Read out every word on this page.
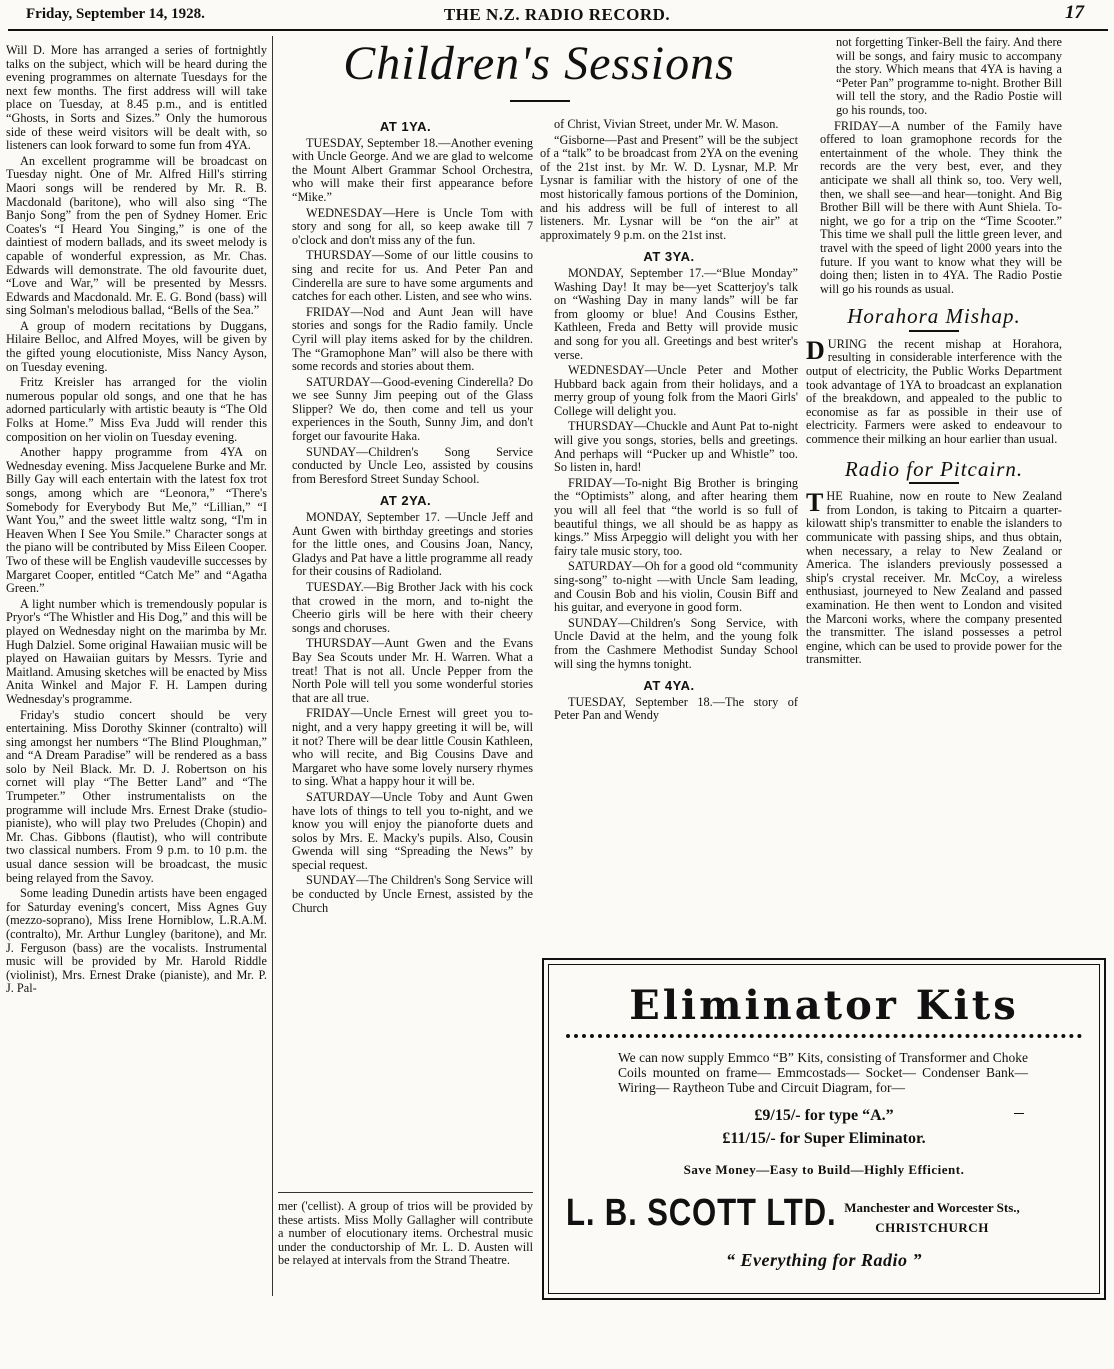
Friday, September 14, 1928.	THE N.Z. RADIO RECORD.	17

Will D. More has arranged a series of fortnightly talks on the subject, which will be heard during the evening programmes on alternate Tuesdays for the next few months. The first address will will take place on Tuesday, at 8.45 p.m., and is entitled “Ghosts, in Sorts and Sizes.” Only the humorous side of these weird visitors will be dealt with, so listeners can look forward to some fun from 4YA.

An excellent programme will be broadcast on Tuesday night. One of Mr. Alfred Hill's stirring Maori songs will be rendered by Mr. R. B. Macdonald (baritone), who will also sing “The Banjo Song” from the pen of Sydney Homer. Eric Coates's “I Heard You Singing,” is one of the daintiest of modern ballads, and its sweet melody is capable of wonderful expression, as Mr. Chas. Edwards will demonstrate. The old favourite duet, “Love and War,” will be presented by Messrs. Edwards and Macdonald. Mr. E. G. Bond (bass) will sing Solman's melodious ballad, “Bells of the Sea.”

A group of modern recitations by Duggans, Hilaire Belloc, and Alfred Moyes, will be given by the gifted young elocutioniste, Miss Nancy Ayson, on Tuesday evening.

Fritz Kreisler has arranged for the violin numerous popular old songs, and one that he has adorned particularly with artistic beauty is “The Old Folks at Home.” Miss Eva Judd will render this composition on her violin on Tuesday evening.

Another happy programme from 4YA on Wednesday evening. Miss Jacquelene Burke and Mr. Billy Gay will each entertain with the latest fox trot songs, among which are “Leonora,” “There's Somebody for Everybody But Me,” “Lillian,” “I Want You,” and the sweet little waltz song, “I'm in Heaven When I See You Smile.” Character songs at the piano will be contributed by Miss Eileen Cooper. Two of these will be English vaudeville successes by Margaret Cooper, entitled “Catch Me” and “Agatha Green.”

A light number which is tremendously popular is Pryor's “The Whistler and His Dog,” and this will be played on Wednesday night on the marimba by Mr. Hugh Dalziel. Some original Hawaiian music will be played on Hawaiian guitars by Messrs. Tyrie and Maitland. Amusing sketches will be enacted by Miss Anita Winkel and Major F. H. Lampen during Wednesday's programme.

Friday's studio concert should be very entertaining. Miss Dorothy Skinner (contralto) will sing amongst her numbers “The Blind Ploughman,” and “A Dream Paradise” will be rendered as a bass solo by Neil Black. Mr. D. J. Robertson on his cornet will play “The Better Land” and “The Trumpeter.” Other instrumentalists on the programme will include Mrs. Ernest Drake (studio-pianiste), who will play two Preludes (Chopin) and Mr. Chas. Gibbons (flautist), who will contribute two classical numbers. From 9 p.m. to 10 p.m. the usual dance session will be broadcast, the music being relayed from the Savoy.

Some leading Dunedin artists have been engaged for Saturday evening's concert, Miss Agnes Guy (mezzo-soprano), Miss Irene Horniblow, L.R.A.M. (contralto), Mr. Arthur Lungley (baritone), and Mr. J. Ferguson (bass) are the vocalists. Instrumental music will be provided by Mr. Harold Riddle (violinist), Mrs. Ernest Drake (pianiste), and Mr. P. J. Pal-

Children's Sessions
AT 1YA.

TUESDAY, September 18.—Another evening with Uncle George. And we are glad to welcome the Mount Albert Grammar School Orchestra, who will make their first appearance before “Mike.”

WEDNESDAY—Here is Uncle Tom with story and song for all, so keep awake till 7 o'clock and don't miss any of the fun.

THURSDAY—Some of our little cousins to sing and recite for us. And Peter Pan and Cinderella are sure to have some arguments and catches for each other. Listen, and see who wins.

FRIDAY—Nod and Aunt Jean will have stories and songs for the Radio family. Uncle Cyril will play items asked for by the children. The “Gramophone Man” will also be there with some records and stories about them.

SATURDAY—Good-evening Cinderella? Do we see Sunny Jim peeping out of the Glass Slipper? We do, then come and tell us your experiences in the South, Sunny Jim, and don't forget our favourite Haka.

SUNDAY—Children's Song Service conducted by Uncle Leo, assisted by cousins from Beresford Street Sunday School.

AT 2YA.

MONDAY, September 17. —Uncle Jeff and Aunt Gwen with birthday greetings and stories for the little ones, and Cousins Joan, Nancy, Gladys and Pat have a little programme all ready for their cousins of Radioland.

TUESDAY.—Big Brother Jack with his cock that crowed in the morn, and to-night the Cheerio girls will be here with their cheery songs and choruses.

THURSDAY—Aunt Gwen and the Evans Bay Sea Scouts under Mr. H. Warren. What a treat! That is not all. Uncle Pepper from the North Pole will tell you some wonderful stories that are all true.

FRIDAY—Uncle Ernest will greet you to-night, and a very happy greeting it will be, will it not? There will be dear little Cousin Kathleen, who will recite, and Big Cousins Dave and Margaret who have some lovely nursery rhymes to sing. What a happy hour it will be.

SATURDAY—Uncle Toby and Aunt Gwen have lots of things to tell you to-night, and we know you will enjoy the pianoforte duets and solos by Mrs. E. Macky's pupils. Also, Cousin Gwenda will sing “Spreading the News” by special request.

SUNDAY—The Children's Song Service will be conducted by Uncle Ernest, assisted by the Church

of Christ, Vivian Street, under Mr. W. Mason.

“Gisborne—Past and Present” will be the subject of a “talk” to be broadcast from 2YA on the evening of the 21st inst. by Mr. W. D. Lysnar, M.P. Mr Lysnar is familiar with the history of one of the most historically famous portions of the Dominion, and his address will be full of interest to all listeners. Mr. Lysnar will be “on the air” at approximately 9 p.m. on the 21st inst.

AT 3YA.

MONDAY, September 17.—“Blue Monday” Washing Day! It may be—yet Scatterjoy's talk on “Washing Day in many lands” will be far from gloomy or blue! And Cousins Esther, Kathleen, Freda and Betty will provide music and song for you all. Greetings and best writer's verse.

WEDNESDAY—Uncle Peter and Mother Hubbard back again from their holidays, and a merry group of young folk from the Maori Girls' College will delight you.

THURSDAY—Chuckle and Aunt Pat to-night will give you songs, stories, bells and greetings. And perhaps will “Pucker up and Whistle” too. So listen in, hard!

FRIDAY—To-night Big Brother is bringing the “Optimists” along, and after hearing them you will all feel that “the world is so full of beautiful things, we all should be as happy as kings.” Miss Arpeggio will delight you with her fairy tale music story, too.

SATURDAY—Oh for a good old “community sing-song” to-night —with Uncle Sam leading, and Cousin Bob and his violin, Cousin Biff and his guitar, and everyone in good form.

SUNDAY—Children's Song Service, with Uncle David at the helm, and the young folk from the Cashmere Methodist Sunday School will sing the hymns tonight.

AT 4YA.

TUESDAY, September 18.—The story of Peter Pan and Wendy

mer ('cellist). A group of trios will be provided by these artists. Miss Molly Gallagher will contribute a number of elocutionary items. Orchestral music under the conductorship of Mr. L. D. Austen will be relayed at intervals from the Strand Theatre.

not forgetting Tinker-Bell the fairy. And there will be songs, and fairy music to accompany the story. Which means that 4YA is having a “Peter Pan” programme to-night. Brother Bill will tell the story, and the Radio Postie will go his rounds, too.

FRIDAY—A number of the Family have offered to loan gramophone records for the entertainment of the whole. They think the records are the very best, ever, and they anticipate we shall all think so, too. Very well, then, we shall see—and hear—tonight. And Big Brother Bill will be there with Aunt Shiela. To-night, we go for a trip on the “Time Scooter.” This time we shall pull the little green lever, and travel with the speed of light 2000 years into the future. If you want to know what they will be doing then; listen in to 4YA. The Radio Postie will go his rounds as usual.

Horahora Mishap.

DURING the recent mishap at Horahora, resulting in considerable interference with the output of electricity, the Public Works Department took advantage of 1YA to broadcast an explanation of the breakdown, and appealed to the public to economise as far as possible in their use of electricity. Farmers were asked to endeavour to commence their milking an hour earlier than usual.

Radio for Pitcairn.

THE Ruahine, now en route to New Zealand from London, is taking to Pitcairn a quarter-kilowatt ship's transmitter to enable the islanders to communicate with passing ships, and thus obtain, when necessary, a relay to New Zealand or America. The islanders previously possessed a ship's crystal receiver. Mr. McCoy, a wireless enthusiast, journeyed to New Zealand and passed examination. He then went to London and visited the Marconi works, where the company presented the transmitter. The island possesses a petrol engine, which can be used to provide power for the transmitter.

Eliminator Kits
We can now supply Emmco “B” Kits, consisting of Transformer and Choke Coils mounted on frame— Emmcostads— Socket— Condenser Bank— Wiring— Raytheon Tube and Circuit Diagram, for—
£9/15/- for type “A.”
£11/15/- for Super Eliminator.
Save Money—Easy to Build—Highly Efficient.
L. B. SCOTT LTD. Manchester and Worcester Sts.,
CHRISTCHURCH
“ Everything for Radio ”
